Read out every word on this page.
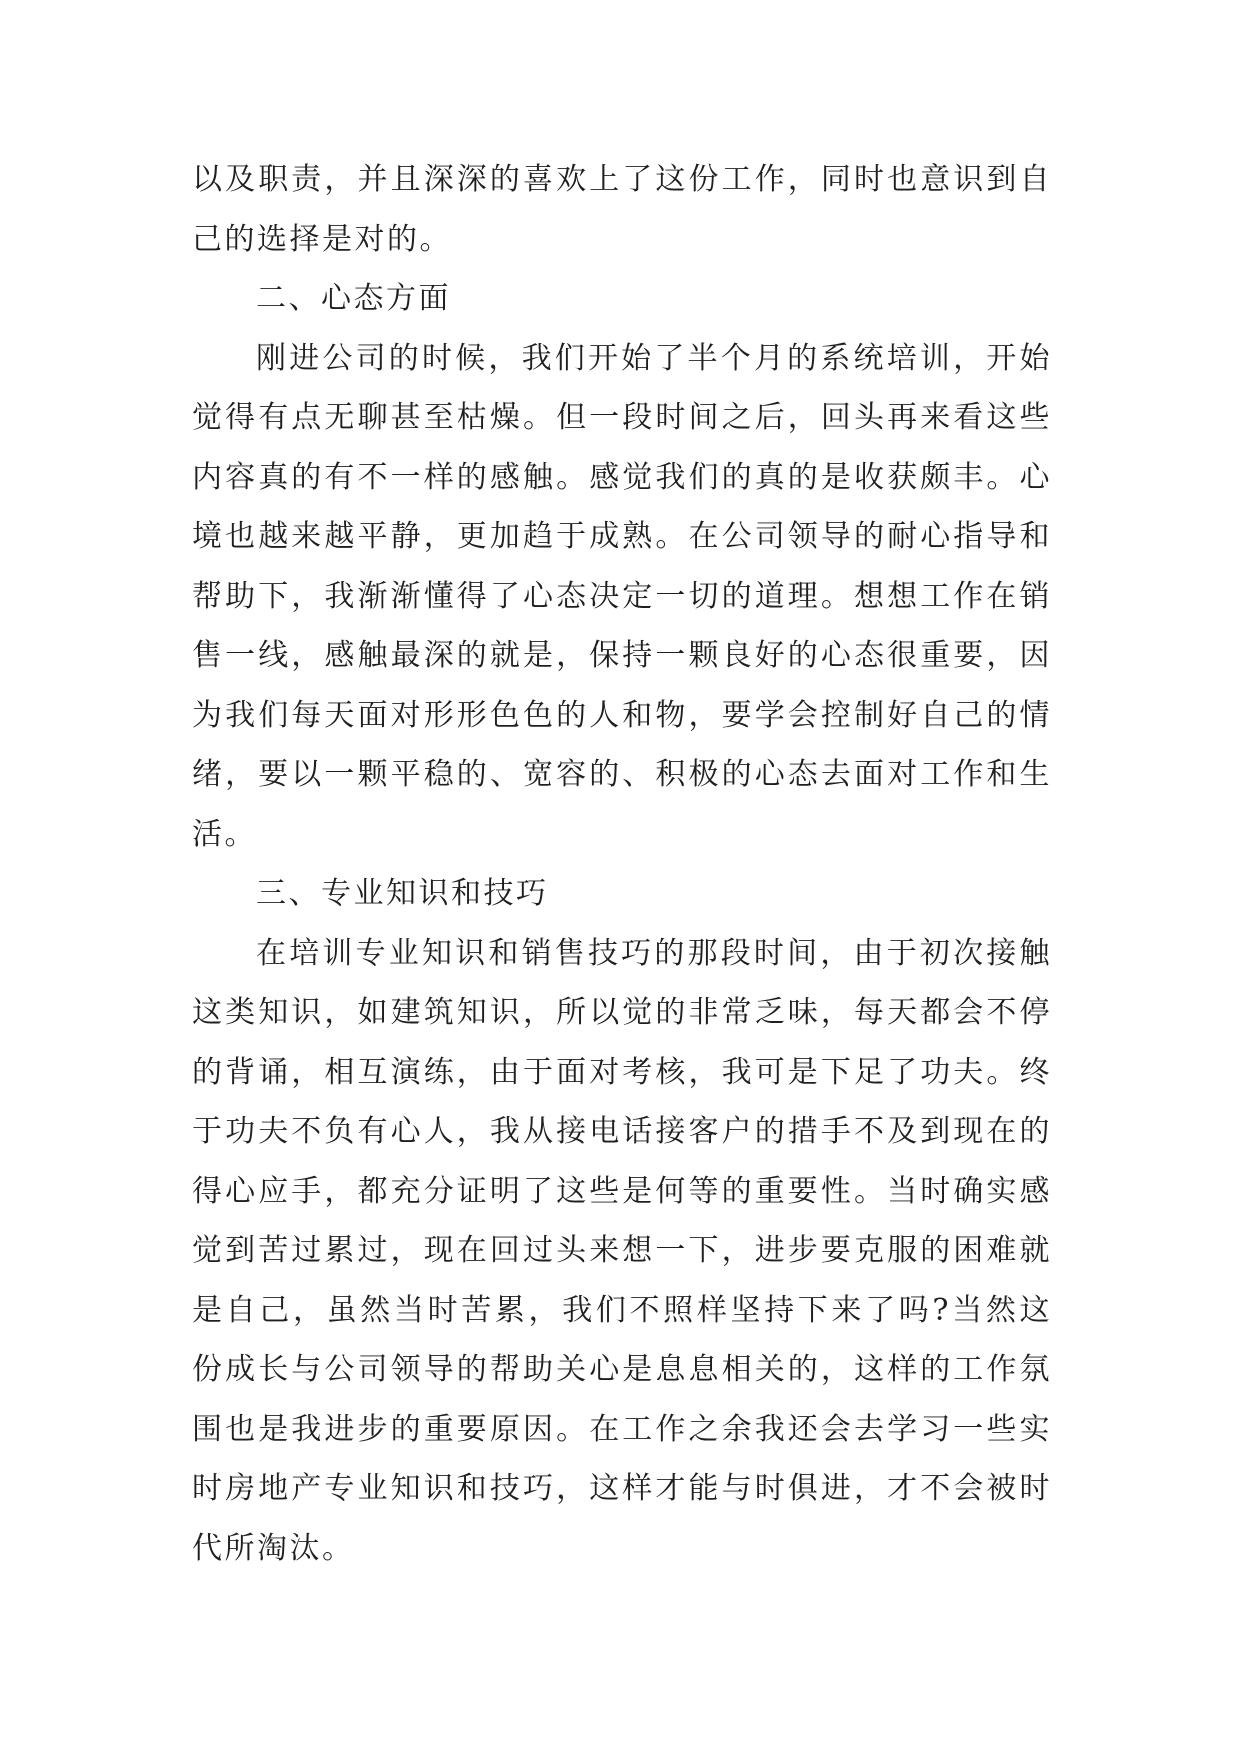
以及职责，并且深深的喜欢上了这份工作，同时也意识到自己的选择是对的。

二、心态方面

刚进公司的时候，我们开始了半个月的系统培训，开始觉得有点无聊甚至枯燥。但一段时间之后，回头再来看这些内容真的有不一样的感触。感觉我们的真的是收获颇丰。心境也越来越平静，更加趋于成熟。在公司领导的耐心指导和帮助下，我渐渐懂得了心态决定一切的道理。想想工作在销售一线，感触最深的就是，保持一颗良好的心态很重要，因为我们每天面对形形色色的人和物，要学会控制好自己的情绪，要以一颗平稳的、宽容的、积极的心态去面对工作和生活。

三、专业知识和技巧

在培训专业知识和销售技巧的那段时间，由于初次接触这类知识，如建筑知识，所以觉的非常乏味，每天都会不停的背诵，相互演练，由于面对考核，我可是下足了功夫。终于功夫不负有心人，我从接电话接客户的措手不及到现在的得心应手，都充分证明了这些是何等的重要性。当时确实感觉到苦过累过，现在回过头来想一下，进步要克服的困难就是自己，虽然当时苦累，我们不照样坚持下来了吗?当然这份成长与公司领导的帮助关心是息息相关的，这样的工作氛围也是我进步的重要原因。在工作之余我还会去学习一些实时房地产专业知识和技巧，这样才能与时俱进，才不会被时代所淘汰。
